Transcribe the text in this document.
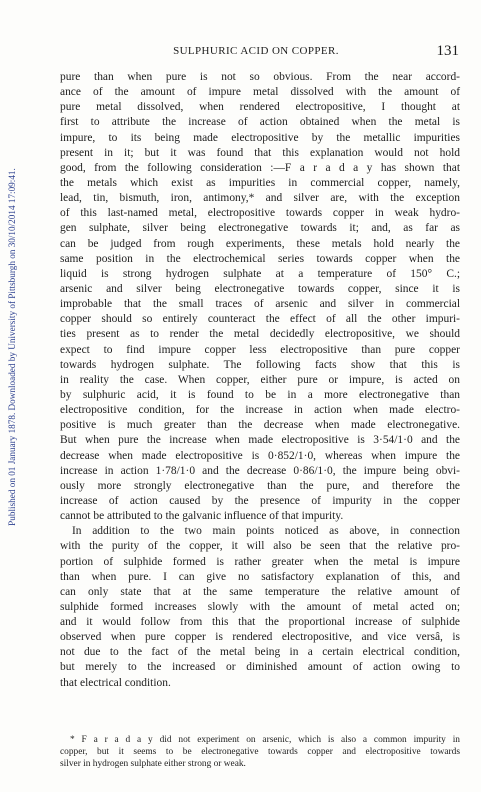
Published on 01 January 1878. Downloaded by University of Pittsburgh on 30/10/2014 17:09:41.
SULPHURIC ACID ON COPPER.	131
pure than when pure is not so obvious. From the near accord-
ance of the amount of impure metal dissolved with the amount of
pure metal dissolved, when rendered electropositive, I thought at
first to attribute the increase of action obtained when the metal is
impure, to its being made electropositive by the metallic impurities
present in it; but it was found that this explanation would not hold
good, from the following consideration :—F a r a d a y has shown that
the metals which exist as impurities in commercial copper, namely,
lead, tin, bismuth, iron, antimony,* and silver are, with the exception
of this last-named metal, electropositive towards copper in weak hydro-
gen sulphate, silver being electronegative towards it; and, as far as
can be judged from rough experiments, these metals hold nearly the
same position in the electrochemical series towards copper when the
liquid is strong hydrogen sulphate at a temperature of 150° C.;
arsenic and silver being electronegative towards copper, since it is
improbable that the small traces of arsenic and silver in commercial
copper should so entirely counteract the effect of all the other impuri-
ties present as to render the metal decidedly electropositive, we should
expect to find impure copper less electropositive than pure copper
towards hydrogen sulphate. The following facts show that this is
in reality the case. When copper, either pure or impure, is acted on
by sulphuric acid, it is found to be in a more electronegative than
electropositive condition, for the increase in action when made electro-
positive is much greater than the decrease when made electronegative.
But when pure the increase when made electropositive is 3·54/1·0 and the
decrease when made electropositive is 0·852/1·0, whereas when impure the
increase in action 1·78/1·0 and the decrease 0·86/1·0, the impure being obvi-
ously more strongly electronegative than the pure, and therefore the
increase of action caused by the presence of impurity in the copper
cannot be attributed to the galvanic influence of that impurity.
In addition to the two main points noticed as above, in connection
with the purity of the copper, it will also be seen that the relative pro-
portion of sulphide formed is rather greater when the metal is impure
than when pure. I can give no satisfactory explanation of this, and
can only state that at the same temperature the relative amount of
sulphide formed increases slowly with the amount of metal acted on;
and it would follow from this that the proportional increase of sulphide
observed when pure copper is rendered electropositive, and vice versâ, is
not due to the fact of the metal being in a certain electrical condition,
but merely to the increased or diminished amount of action owing to
that electrical condition.
* F a r a d a y did not experiment on arsenic, which is also a common impurity in
copper, but it seems to be electronegative towards copper and electropositive towards
silver in hydrogen sulphate either strong or weak.
